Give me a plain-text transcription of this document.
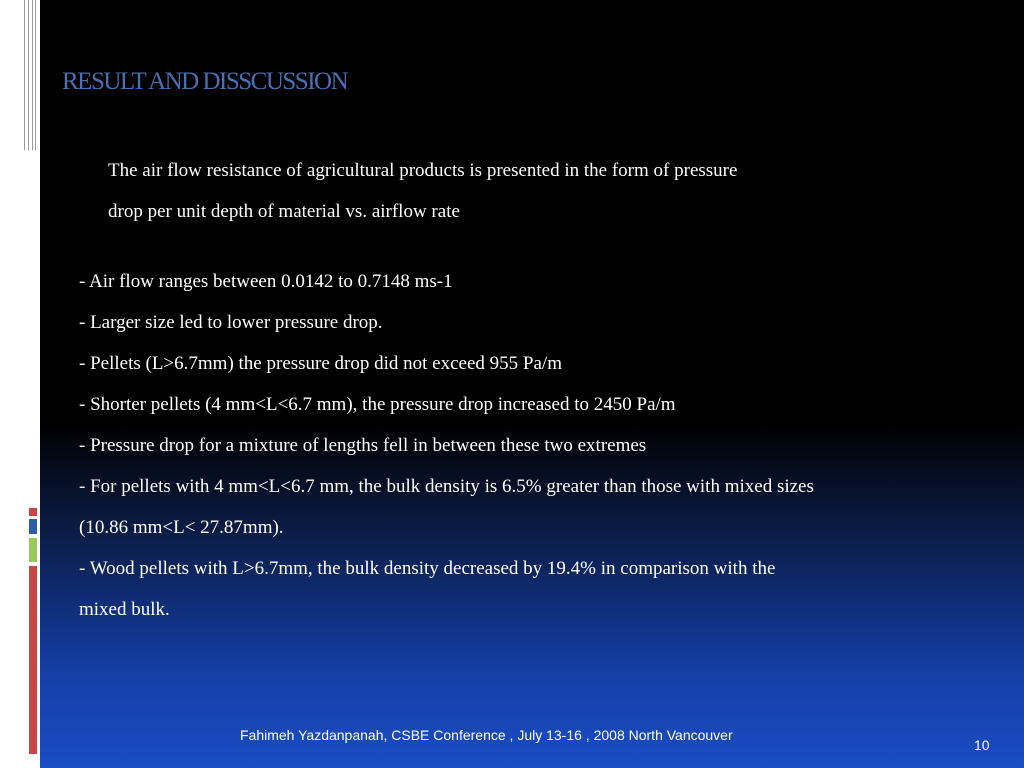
RESULT AND DISSCUSSION
The air flow resistance of agricultural products is presented in the form of pressure
drop per unit depth of material vs. airflow rate
- Air flow ranges between 0.0142 to 0.7148 ms-1
- Larger size led to lower pressure drop.
- Pellets (L>6.7mm) the pressure drop did not exceed 955 Pa/m
- Shorter pellets (4 mm<L<6.7 mm), the pressure drop increased to 2450 Pa/m
- Pressure drop for a mixture of lengths fell in between these two extremes
- For pellets with 4 mm<L<6.7 mm, the bulk density is 6.5% greater than those with mixed sizes
(10.86 mm<L< 27.87mm).
- Wood pellets with L>6.7mm, the bulk density decreased by 19.4% in comparison with the
mixed bulk.
Fahimeh Yazdanpanah, CSBE Conference , July 13-16 , 2008 North Vancouver
10
